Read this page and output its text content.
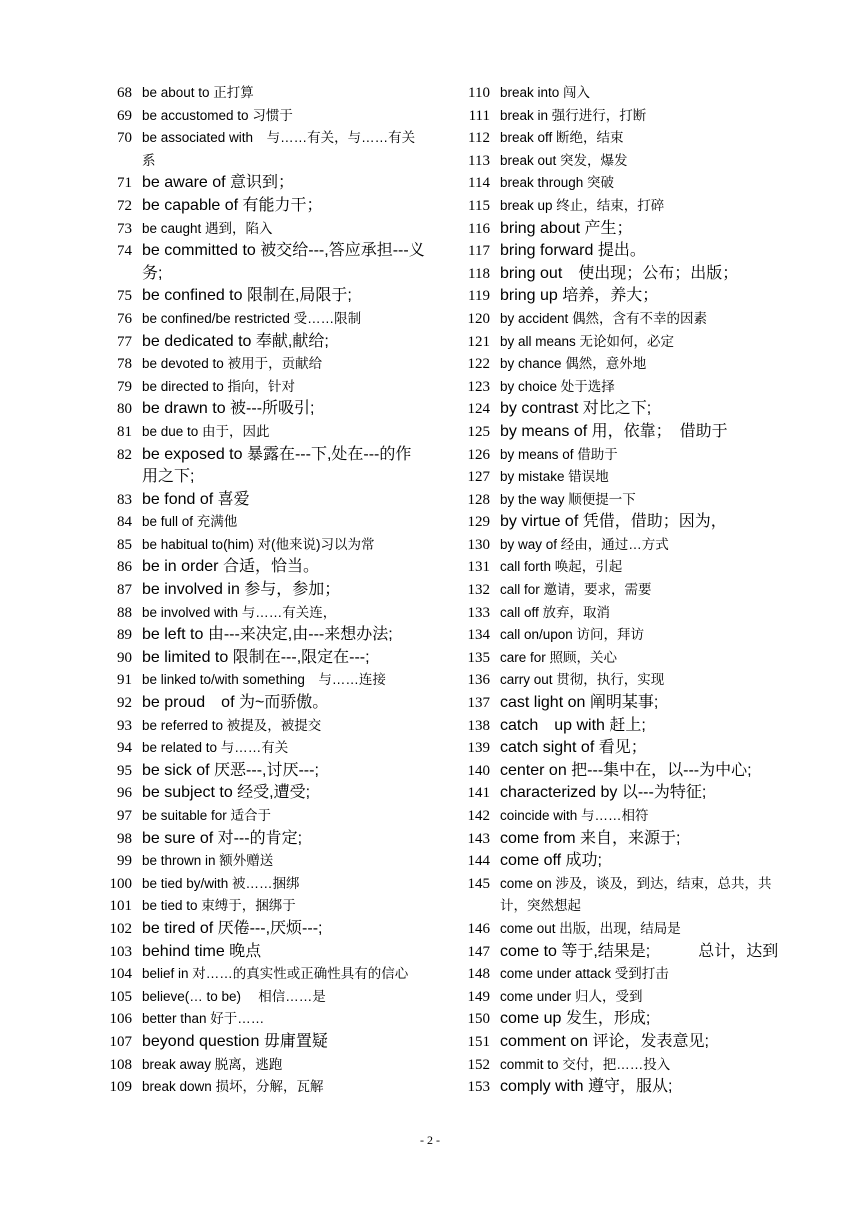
68 be about to 正打算
69 be accustomed to 习惯于
70 be associated with　与……有关，与……有关系
71 be aware of 意识到；
72 be capable of 有能力干；
73 be caught 遇到，陷入
74 be committed to 被交给---,答应承担---义务;
75 be confined to 限制在,局限于;
76 be confined/be restricted 受……限制
77 be dedicated to 奉献,献给;
78 be devoted to 被用于，贡献给
79 be directed to 指向，针对
80 be drawn to 被---所吸引;
81 be due to 由于，因此
82 be exposed to 暴露在---下,处在---的作用之下;
83 be fond of 喜爱
84 be full of 充满他
85 be habitual to(him) 对(他来说)习以为常
86 be in order 合适，恰当。
87 be involved in 参与，参加；
88 be involved with 与……有关连，
89 be left to 由---来决定,由---来想办法;
90 be limited to 限制在---,限定在---;
91 be linked to/with something　与……连接
92 be proud　of 为~而骄傲。
93 be referred to 被提及，被提交
94 be related to 与……有关
95 be sick of 厌恶---,讨厌---;
96 be subject to 经受,遭受;
97 be suitable for 适合于
98 be sure of 对---的肯定;
99 be thrown in 额外赠送
100 be tied by/with 被……捆绑
101 be tied to 束缚于，捆绑于
102 be tired of 厌倦---,厌烦---;
103 behind time 晚点
104 belief in 对……的真实性或正确性具有的信心
105 believe(… to be)　 相信……是
106 better than 好于……
107 beyond question 毋庸置疑
108 break away 脱离，逃跑
109 break down 损坏，分解，瓦解
110 break into 闯入
111 break in 强行进行，打断
112 break off 断绝，结束
113 break out 突发，爆发
114 break through 突破
115 break up 终止，结束，打碎
116 bring about 产生；
117 bring forward 提出。
118 bring out　使出现；公布；出版；
119 bring up 培养，养大；
120 by accident 偶然，含有不幸的因素
121 by all means 无论如何，必定
122 by chance 偶然，意外地
123 by choice 处于选择
124 by contrast 对比之下;
125 by means of 用，依靠；　借助于
126 by means of 借助于
127 by mistake 错误地
128 by the way 顺便提一下
129 by virtue of 凭借，借助；因为，
130 by way of 经由，通过…方式
131 call forth 唤起，引起
132 call for 邀请，要求，需要
133 call off 放弃，取消
134 call on/upon 访问，拜访
135 care for 照顾，关心
136 carry out 贯彻，执行，实现
137 cast light on 阐明某事;
138 catch　up with 赶上;
139 catch sight of 看见；
140 center on 把---集中在，以---为中心;
141 characterized by 以---为特征;
142 coincide with 与……相符
143 come from 来自，来源于;
144 come off 成功;
145 come on 涉及，谈及，到达，结束，总共，共计，突然想起
146 come out 出版，出现，结局是
147 come to 等于,结果是;　　　总计，达到
148 come under attack 受到打击
149 come under 归人，受到
150 come up 发生，形成;
151 comment on 评论，发表意见;
152 commit to 交付，把……投入
153 comply with 遵守，服从;
- 2 -
